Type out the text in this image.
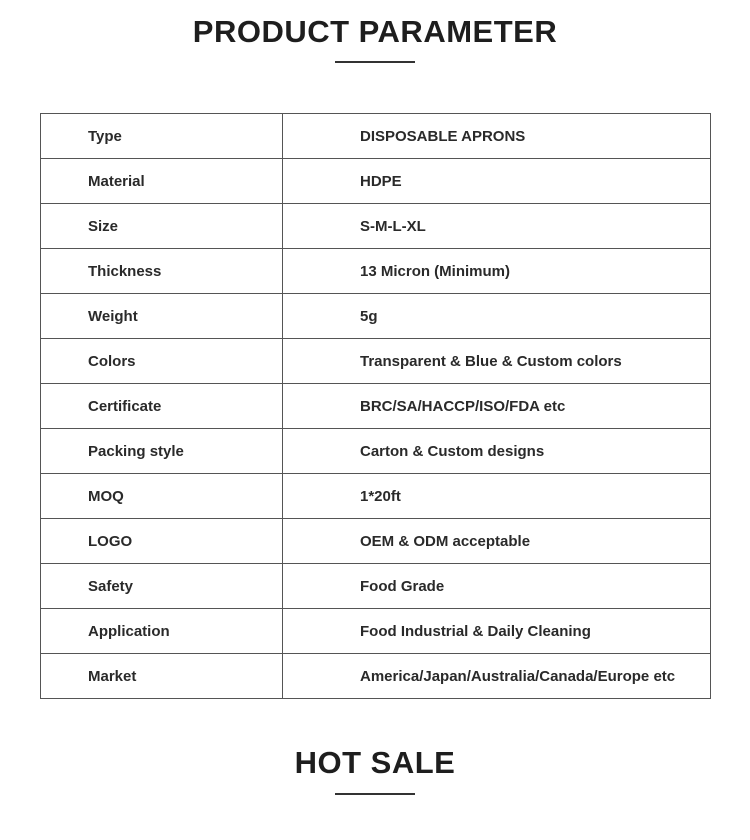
PRODUCT PARAMETER
Type	DISPOSABLE APRONS
Material	HDPE
Size	S-M-L-XL
Thickness	13 Micron (Minimum)
Weight	5g
Colors	Transparent & Blue & Custom colors
Certificate	BRC/SA/HACCP/ISO/FDA etc
Packing style	Carton & Custom designs
MOQ	1*20ft
LOGO	OEM & ODM acceptable
Safety	Food Grade
Application	Food Industrial & Daily Cleaning
Market	America/Japan/Australia/Canada/Europe etc
HOT SALE
